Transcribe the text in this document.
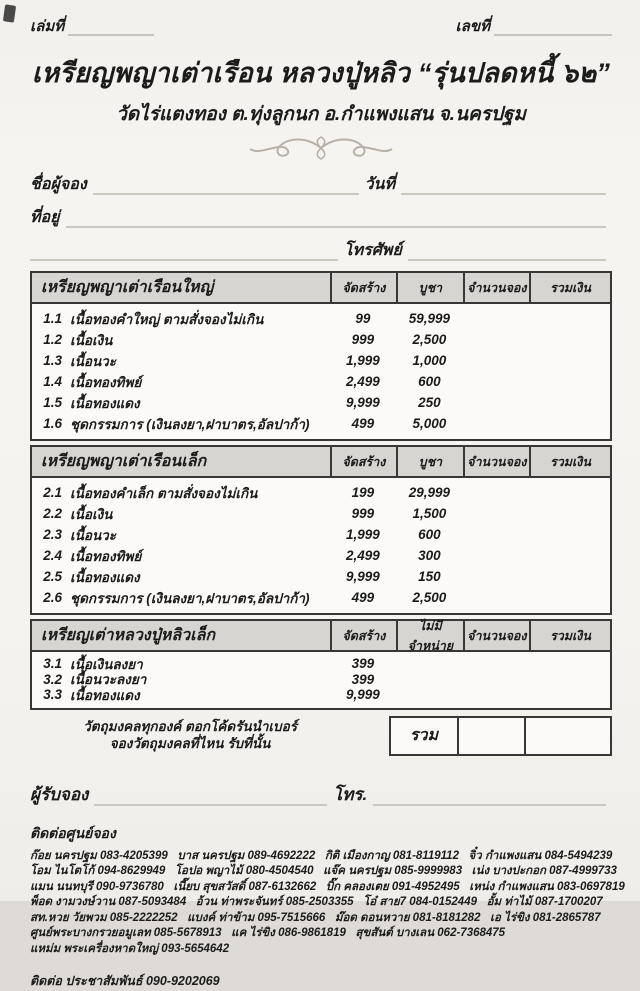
เล่มที่	เลขที่
เหรียญพญาเต่าเรือน หลวงปู่หลิว “รุ่นปลดหนี้ ๖๒”
วัดไร่แตงทอง ต.ทุ่งลูกนก อ.กำแพงแสน จ.นครปฐม
ชื่อผู้จอง	วันที่
ที่อยู่
โทรศัพย์
เหรียญพญาเต่าเรือนใหญ่	จัดสร้าง	บูชา จำนวนจอง รวมเงิน
1.1 เนื้อทองคำใหญ่ ตามสั่งจองไม่เกิน	99	59,999
1.2 เนื้อเงิน	999	2,500
1.3 เนื้อนวะ	1,999 1,000
1.4 เนื้อทองทิพย์	2,499	600
1.5 เนื้อทองแดง	9,999	250
1.6 ชุดกรรมการ (เงินลงยา,ฝาบาตร,อัลปาก้า)	499	5,000
เหรียญพญาเต่าเรือนเล็ก	จัดสร้าง	บูชา จำนวนจอง รวมเงิน
2.1 เนื้อทองคำเล็ก ตามสั่งจองไม่เกิน	199	29,999
2.2 เนื้อเงิน	999	1,500
2.3 เนื้อนวะ	1,999	600
2.4 เนื้อทองทิพย์	2,499	300
2.5 เนื้อทองแดง	9,999	150
2.6 ชุดกรรมการ (เงินลงยา,ฝาบาตร,อัลปาก้า)	499	2,500
เหรียญเต่าหลวงปู่หลิวเล็ก	จัดสร้าง
ไม่มีจำหน่าย
จำนวนจอง รวมเงิน
3.1 เนื้อเงินลงยา	399
3.2 เนื้อนวะลงยา	399
3.3 เนื้อทองแดง	9,999
วัตถุมงคลทุกองค์ ตอกโค้ดรันนำเบอร์
จองวัตถุมงคลที่ไหน รับที่นั้น	รวม
ผู้รับจอง	โทร.
ติดต่อศูนย์จอง
ก๊อย นครปฐม 083-4205399   บาส นครปฐม 089-4692222   กิติ เมืองกาญ 081-8119112   จิ๋ว กำแพงแสน 084-5494239
โอม ไนโตโก้ 094-8629949   โอปอ พญาไม้ 080-4504540   แจ๊ค นครปฐม 085-9999983   เน่ง บางปะกอก 087-4999733
แมน นนทบุรี 090-9736780   เนี๊ยบ สุขสวัสดิ์ 087-6132662   บิ๊ก คลองเตย 091-4952495   เหน่ง กำแพงแสน 083-0697819
พ็อด งามวงษ์วาน 087-5093484   อ้วน ท่าพระจันทร์ 085-2503355   โอ๋ สาย7 084-0152449   อั้ม ท่าไม้ 087-1700207
สท.หวย วัยพวม 085-2222252   แบงค์ ท่าข้าม 095-7515666   ม๊อด ดอนหวาย 081-8181282   เอ ไร่ขิง 081-2865787
ศูนย์พระบางกรวยอมูเลท 085-5678913   แค ไร่ขิง 086-9861819   สุขสันต์ บางเลน 062-7368475
แหม่ม พระเครื่องหาดใหญ่ 093-5654642
ติดต่อ ประชาสัมพันธ์ 090-9202069
